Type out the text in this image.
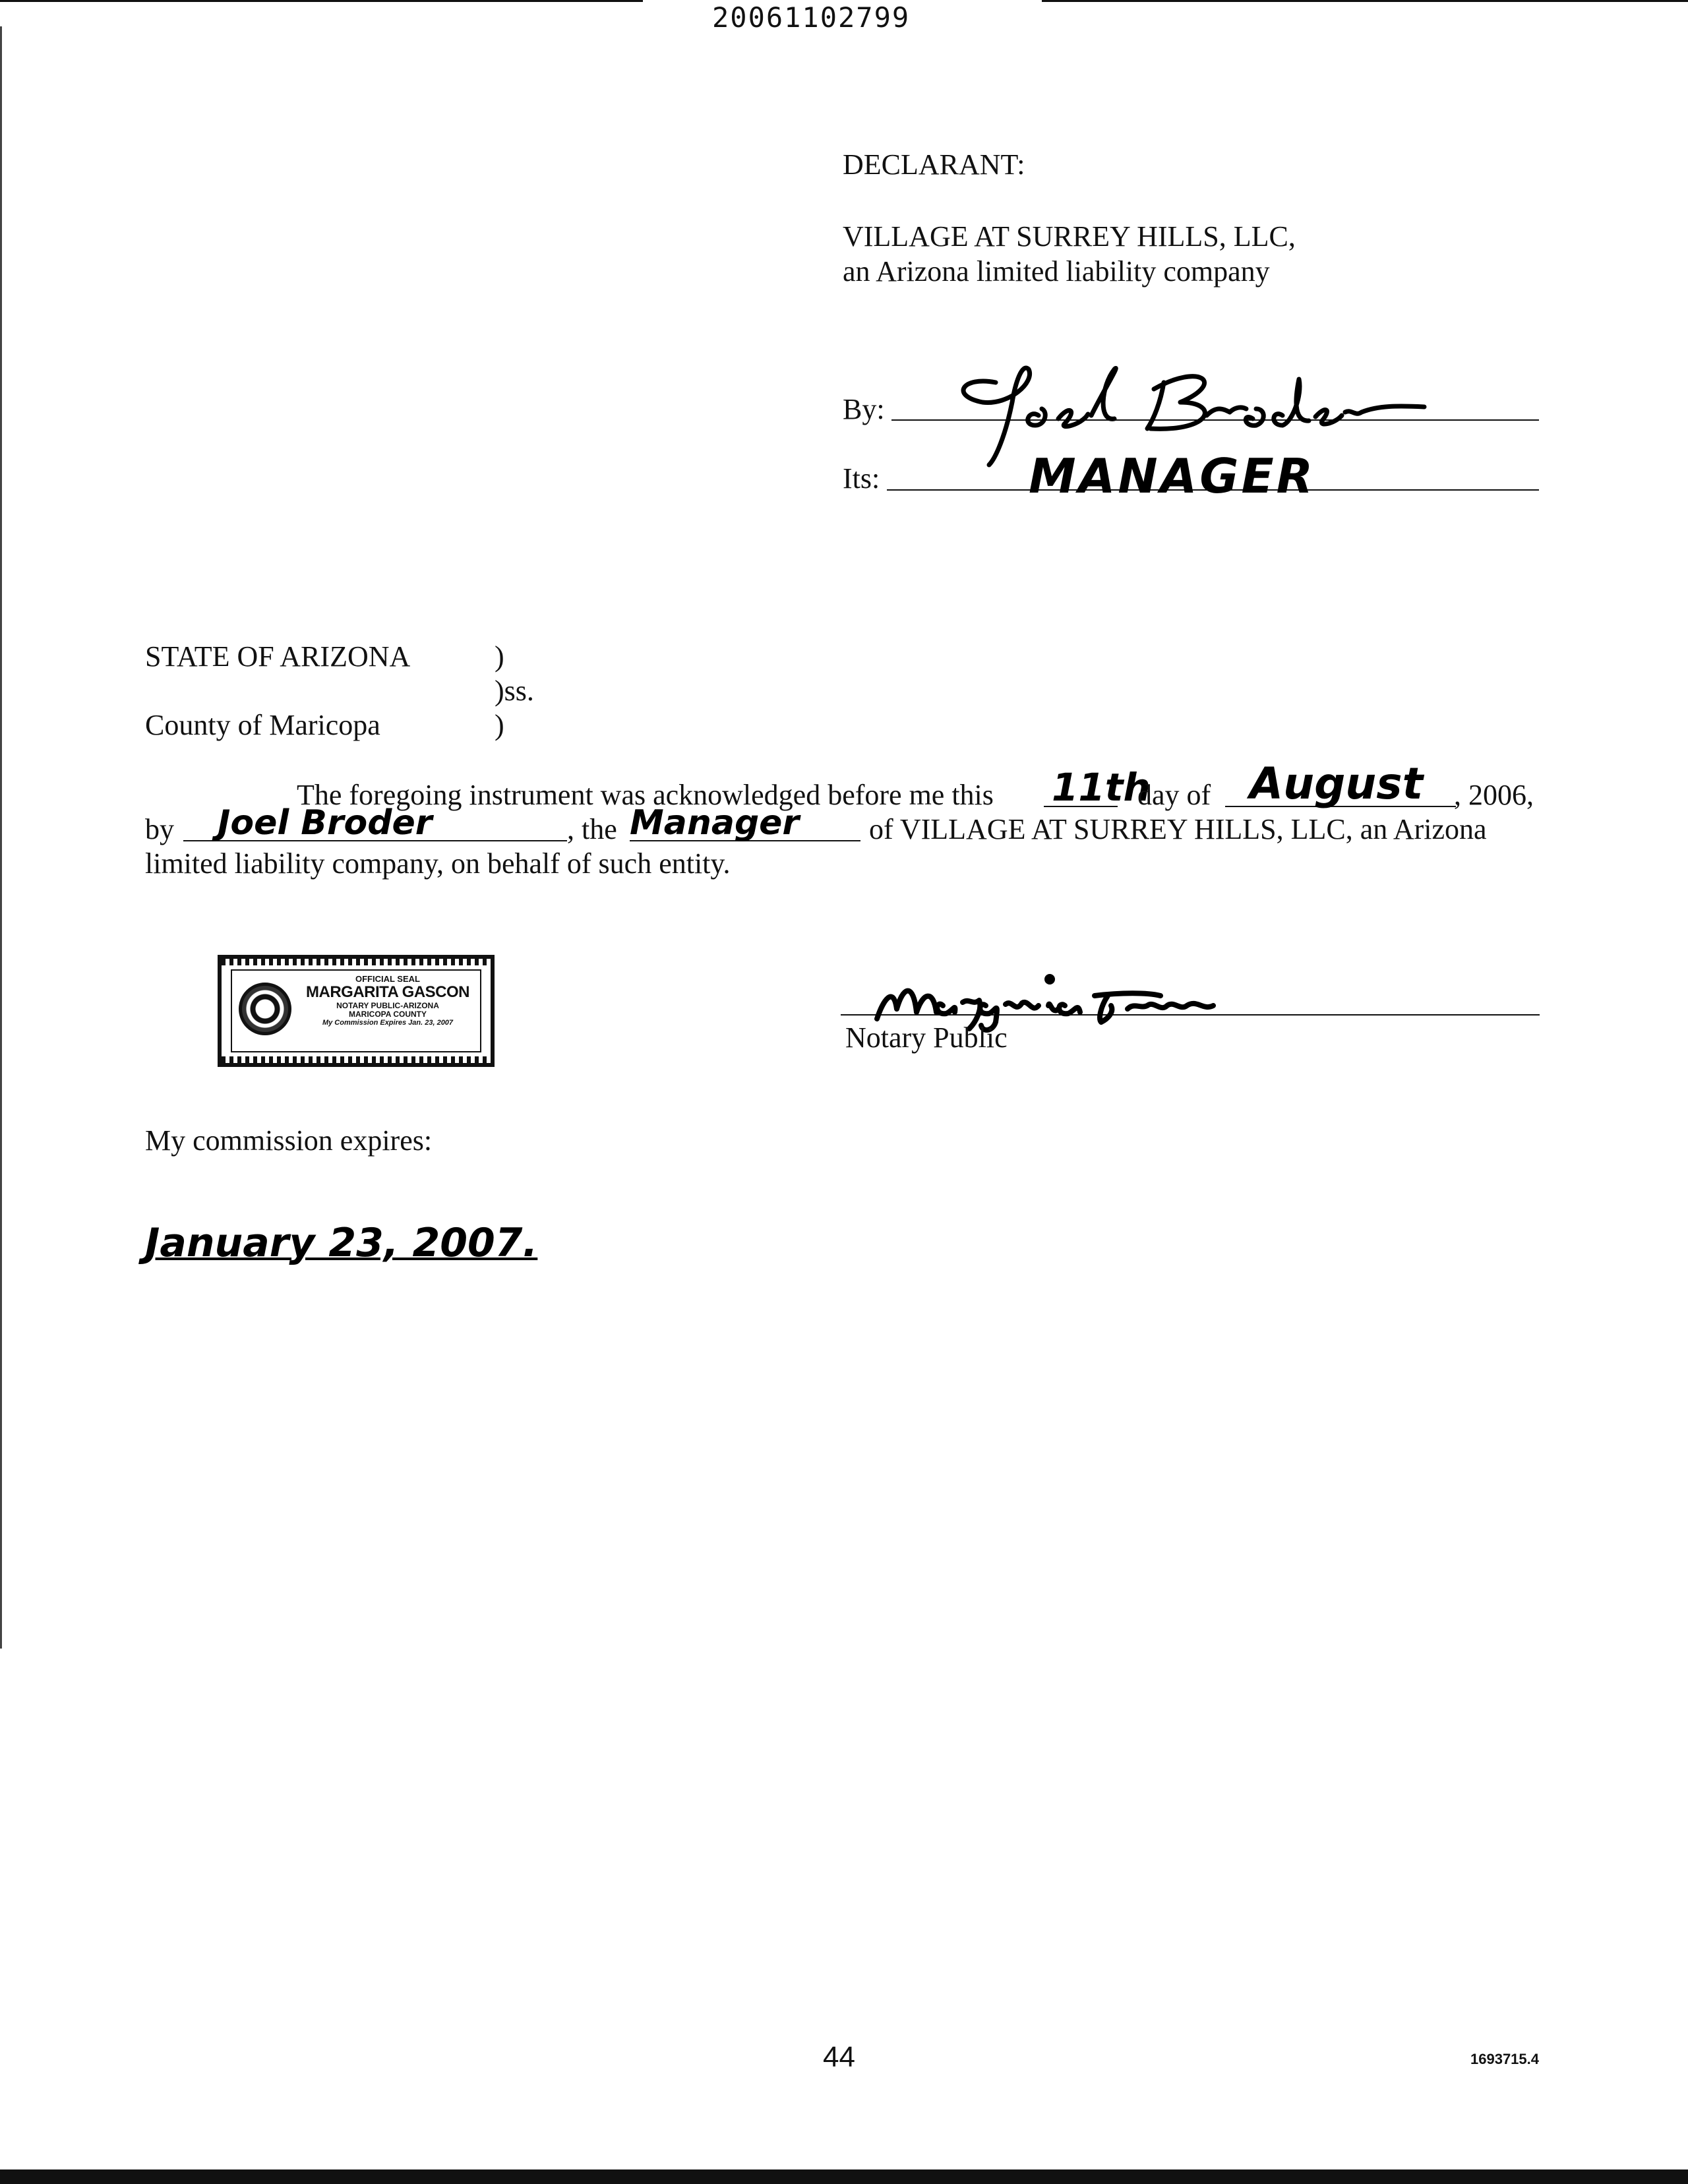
20061102799
DECLARANT:
VILLAGE AT SURREY HILLS, LLC,
an Arizona limited liability company
By:
Its:	MANAGER
STATE OF ARIZONA	)
)ss.
County of Maricopa	)
The foregoing instrument was acknowledged before me this 11th
day of August , 2006,
by Joel Broder	, the Manager of VILLAGE AT SURREY HILLS, LLC, an Arizona
limited liability company, on behalf of such entity.
OFFICIAL SEAL
MARGARITA GASCON
NOTARY PUBLIC-ARIZONA
MARICOPA COUNTY
My Commission Expires Jan. 23, 2007	Notary Public
My commission expires:
January 23, 2007.
44	1693715.4
